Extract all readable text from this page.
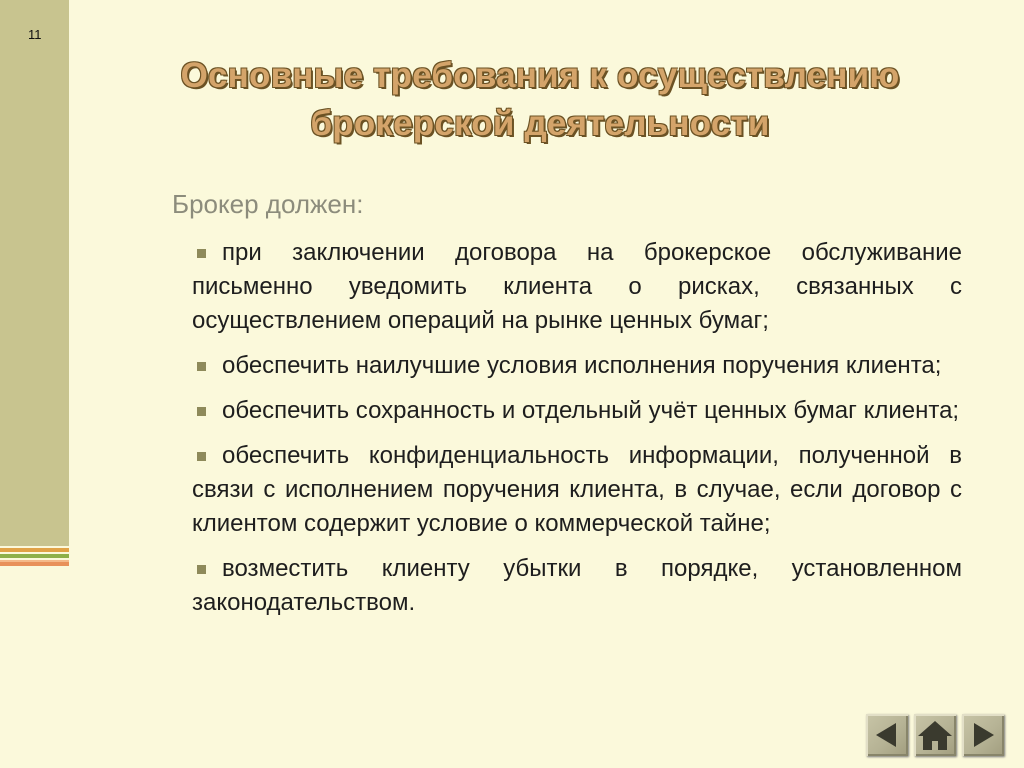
11
Основные требования к осуществлению брокерской деятельности

Брокер должен:

при заключении договора на брокерское обслуживание письменно уведомить клиента о рисках, связанных с осуществлением операций на рынке ценных бумаг;
обеспечить наилучшие условия исполнения поручения клиента;
обеспечить сохранность и отдельный учёт ценных бумаг клиента;
обеспечить конфиденциальность информации, полученной в связи с исполнением поручения клиента, в случае, если договор с клиентом содержит условие о коммерческой тайне;
возместить клиенту убытки в порядке, установленном законодательством.
